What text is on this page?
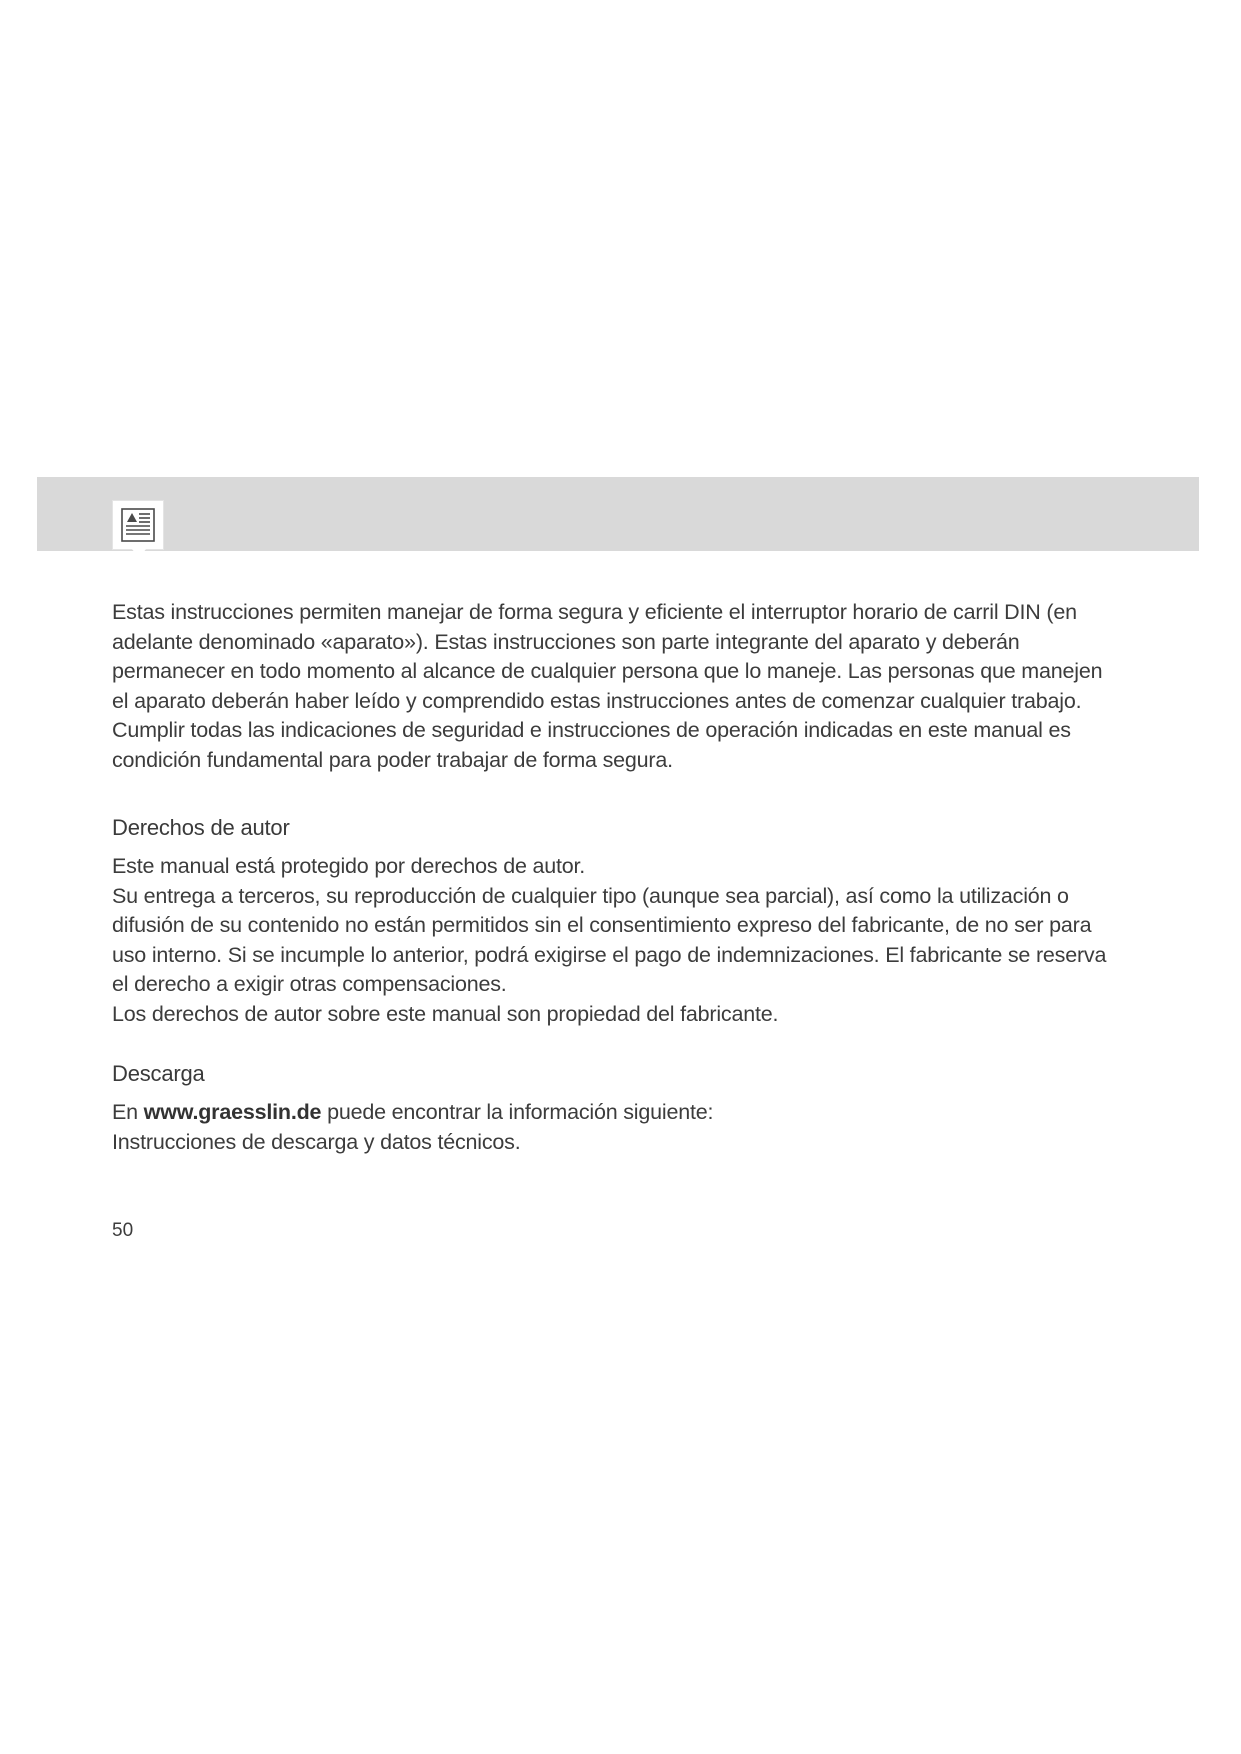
Estas instrucciones permiten manejar de forma segura y eficiente el interruptor horario de carril DIN (en adelante denominado «aparato»). Estas instrucciones son parte integrante del aparato y deberán permanecer en todo momento al alcance de cualquier persona que lo maneje. Las personas que manejen el aparato deberán haber leído y comprendido estas instrucciones antes de comenzar cualquier trabajo. Cumplir todas las indicaciones de seguridad e instrucciones de operación indicadas en este manual es condición fundamental para poder trabajar de forma segura.

Derechos de autor

Este manual está protegido por derechos de autor.

Su entrega a terceros, su reproducción de cualquier tipo (aunque sea parcial), así como la utilización o difusión de su contenido no están permitidos sin el consentimiento expreso del fabricante, de no ser para uso interno. Si se incumple lo anterior, podrá exigirse el pago de indemnizaciones. El fabricante se reserva el derecho a exigir otras compensaciones.

Los derechos de autor sobre este manual son propiedad del fabricante.

Descarga

En www.graesslin.de puede encontrar la información siguiente:

Instrucciones de descarga y datos técnicos.

50
